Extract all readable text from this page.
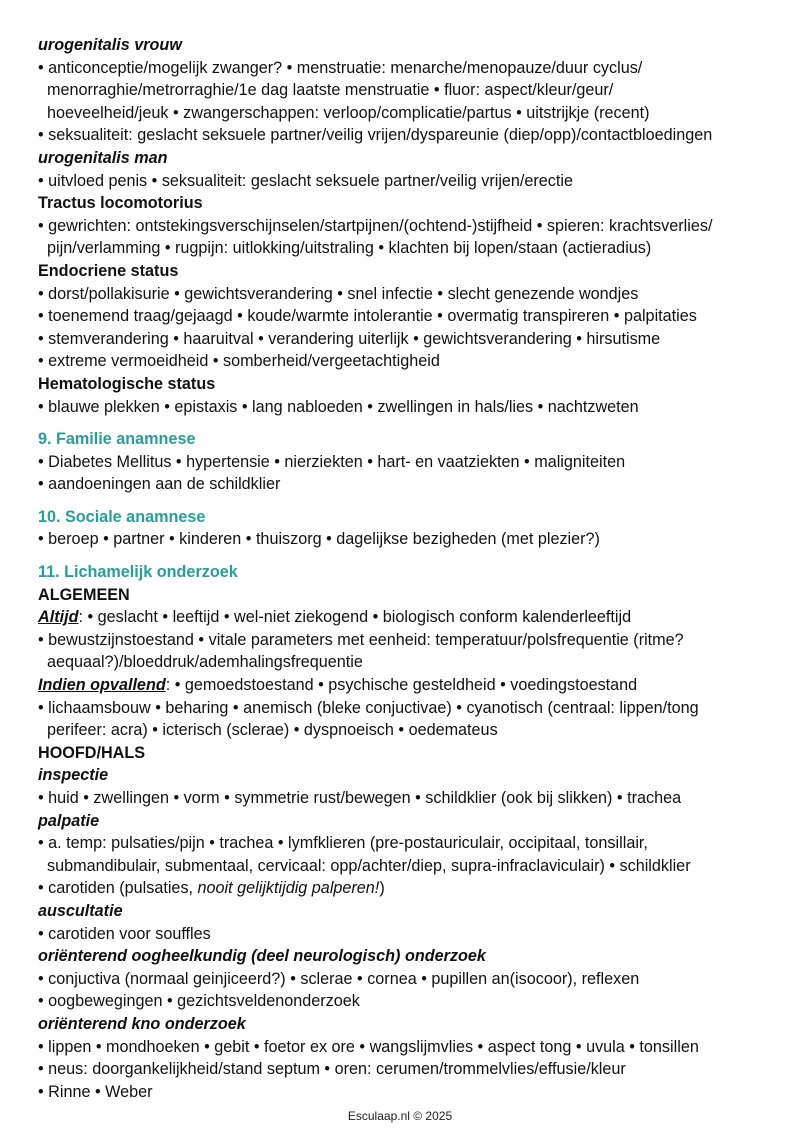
urogenitalis vrouw
• anticonceptie/mogelijk zwanger? • menstruatie: menarche/menopauze/duur cyclus/
menorraghie/metrorraghie/1e dag laatste menstruatie • fluor: aspect/kleur/geur/
hoeveelheid/jeuk • zwangerschappen: verloop/complicatie/partus • uitstrijkje (recent)
• seksualiteit: geslacht seksuele partner/veilig vrijen/dyspareunie (diep/opp)/contactbloedingen
urogenitalis man
• uitvloed penis • seksualiteit: geslacht seksuele partner/veilig vrijen/erectie
Tractus locomotorius
• gewrichten: ontstekingsverschijnselen/startpijnen/(ochtend-)stijfheid • spieren: krachtsverlies/
pijn/verlamming • rugpijn: uitlokking/uitstraling • klachten bij lopen/staan (actieradius)
Endocriene status
• dorst/pollakisurie • gewichtsverandering • snel infectie • slecht genezende wondjes
• toenemend traag/gejaagd • koude/warmte intolerantie • overmatig transpireren • palpitaties
• stemverandering • haaruitval • verandering uiterlijk • gewichtsverandering • hirsutisme
• extreme vermoeidheid • somberheid/vergeetachtigheid
Hematologische status
• blauwe plekken • epistaxis • lang nabloeden • zwellingen in hals/lies • nachtzweten
9. Familie anamnese
• Diabetes Mellitus • hypertensie • nierziekten • hart- en vaatziekten • maligniteiten
• aandoeningen aan de schildklier
10. Sociale anamnese
• beroep • partner • kinderen • thuiszorg • dagelijkse bezigheden (met plezier?)
11. Lichamelijk onderzoek
ALGEMEEN
Altijd: • geslacht • leeftijd • wel-niet ziekogend • biologisch conform kalenderleeftijd
• bewustzijnstoestand • vitale parameters met eenheid: temperatuur/polsfrequentie (ritme?
aequaal?)/bloeddruk/ademhalingsfrequentie
Indien opvallend: • gemoedstoestand • psychische gesteldheid • voedingstoestand
• lichaamsbouw • beharing • anemisch (bleke conjuctivae) • cyanotisch (centraal: lippen/tong
perifeer: acra) • icterisch (sclerae) • dyspnoeisch • oedemateus
HOOFD/HALS
inspectie
• huid • zwellingen • vorm • symmetrie rust/bewegen • schildklier (ook bij slikken) • trachea
palpatie
• a. temp: pulsaties/pijn • trachea • lymfklieren (pre-postauriculair, occipitaal, tonsillair,
submandibulair, submentaal, cervicaal: opp/achter/diep, supra-infraclaviculair) • schildklier
• carotiden (pulsaties, nooit gelijktijdig palperen!)
auscultatie
• carotiden voor souffles
oriënterend oogheelkundig (deel neurologisch) onderzoek
• conjuctiva (normaal geinjiceerd?) • sclerae • cornea • pupillen an(isocoor), reflexen
• oogbewegingen • gezichtsveldenonderzoek
oriënterend kno onderzoek
• lippen • mondhoeken • gebit • foetor ex ore • wangslijmvlies • aspect tong • uvula • tonsillen
• neus: doorgankelijkheid/stand septum • oren: cerumen/trommelvlies/effusie/kleur
• Rinne • Weber
Esculaap.nl © 2025
